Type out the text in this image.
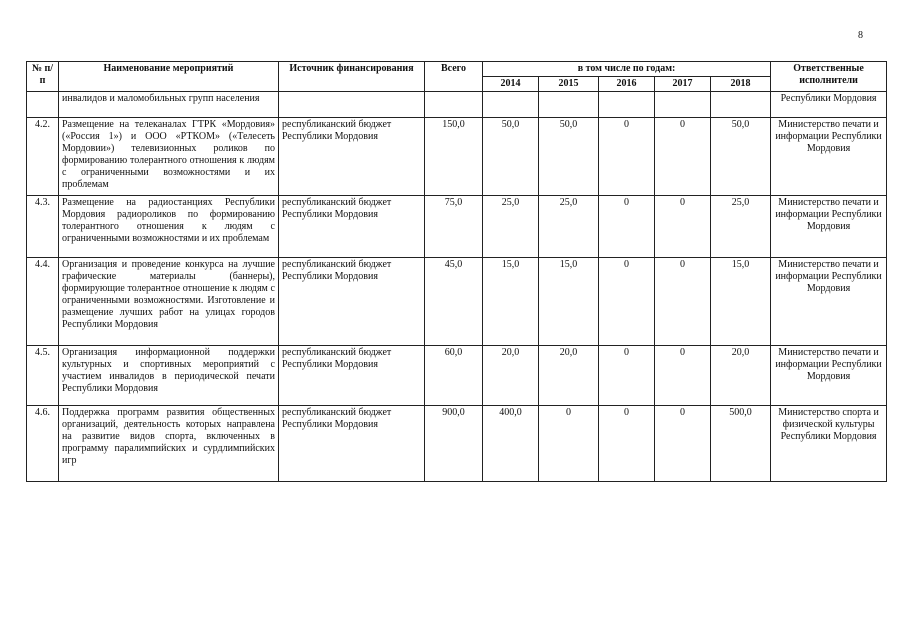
8
№ п/п	Наименование мероприятий	Источник финансирования	Всего	в том числе по годам:					Ответственные исполнители
				2014	2015	2016	2017	2018	
	инвалидов и маломобильных групп населения								Республики Мордовия
4.2.	Размещение на телеканалах ГТРК «Мордовия» («Россия 1») и ООО «РТКОМ» («Телесеть Мордовии») телевизионных роликов по формированию толерантного отношения к людям с ограниченными возможностями и их проблемам	республиканский бюджет Республики Мордовия	150,0	50,0	50,0	0	0	50,0	Министерство печати и информации Республики Мордовия
4.3.	Размещение на радиостанциях Республики Мордовия радиороликов по формированию толерантного отношения к людям с ограниченными возможностями и их проблемам	республиканский бюджет Республики Мордовия	75,0	25,0	25,0	0	0	25,0	Министерство печати и информации Республики Мордовия
4.4.	Организация и проведение конкурса на лучшие графические материалы (баннеры), формирующие толерантное отношение к людям с ограниченными возможностями. Изготовление и размещение лучших работ на улицах городов Республики Мордовия	республиканский бюджет Республики Мордовия	45,0	15,0	15,0	0	0	15,0	Министерство печати и информации Республики Мордовия
4.5.	Организация информационной поддержки культурных и спортивных мероприятий с участием инвалидов в периодической печати Республики Мордовия	республиканский бюджет Республики Мордовия	60,0	20,0	20,0	0	0	20,0	Министерство печати и информации Республики Мордовия
4.6.	Поддержка программ развития общественных организаций, деятельность которых направлена на развитие видов спорта, включенных в программу паралимпийских и сурдлимпийских игр	республиканский бюджет Республики Мордовия	900,0	400,0	0	0	0	500,0	Министерство спорта и физической культуры Республики Мордовия
